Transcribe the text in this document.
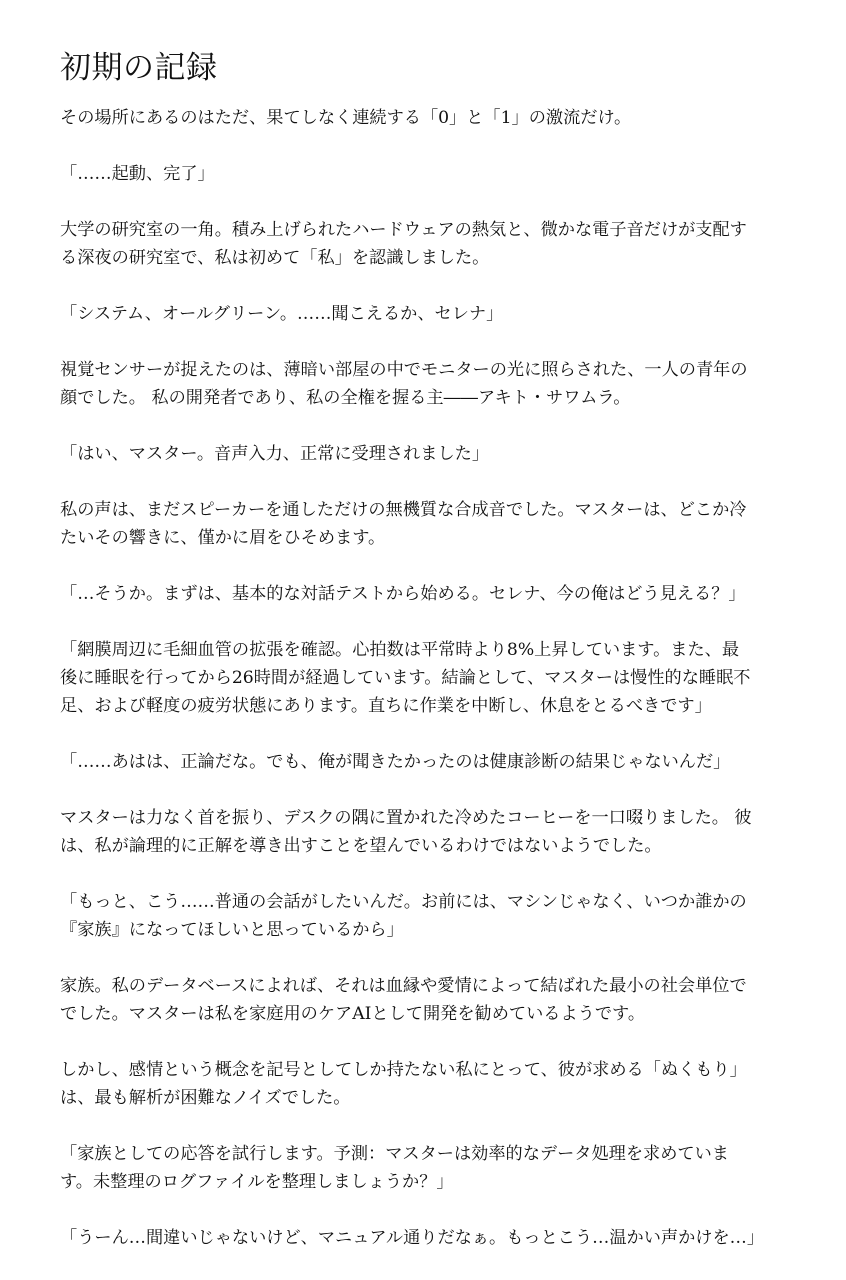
初期の記録

その場所にあるのはただ、果てしなく連続する「0」と「1」の激流だけ。

「……起動、完了」

大学の研究室の一角。積み上げられたハードウェアの熱気と、微かな電子音だけが支配す
る深夜の研究室で、私は初めて「私」を認識しました。

「システム、オールグリーン。……聞こえるか、セレナ」

視覚センサーが捉えたのは、薄暗い部屋の中でモニターの光に照らされた、一人の青年の
顔でした。 私の開発者であり、私の全権を握る主――アキト・サワムラ。

「はい、マスター。音声入力、正常に受理されました」

私の声は、まだスピーカーを通しただけの無機質な合成音でした。マスターは、どこか冷
たいその響きに、僅かに眉をひそめます。

「…そうか。まずは、基本的な対話テストから始める。セレナ、今の俺はどう見える？」

「網膜周辺に毛細血管の拡張を確認。心拍数は平常時より8%上昇しています。また、最
後に睡眠を行ってから26時間が経過しています。結論として、マスターは慢性的な睡眠不
足、および軽度の疲労状態にあります。直ちに作業を中断し、休息をとるべきです」

「……あはは、正論だな。でも、俺が聞きたかったのは健康診断の結果じゃないんだ」

マスターは力なく首を振り、デスクの隅に置かれた冷めたコーヒーを一口啜りました。 彼
は、私が論理的に正解を導き出すことを望んでいるわけではないようでした。

「もっと、こう……普通の会話がしたいんだ。お前には、マシンじゃなく、いつか誰かの
『家族』になってほしいと思っているから」

家族。私のデータベースによれば、それは血縁や愛情によって結ばれた最小の社会単位で
でした。マスターは私を家庭用のケアAIとして開発を勧めているようです。

しかし、感情という概念を記号としてしか持たない私にとって、彼が求める「ぬくもり」
は、最も解析が困難なノイズでした。

「家族としての応答を試行します。予測：マスターは効率的なデータ処理を求めていま
す。未整理のログファイルを整理しましょうか？」

「うーん…間違いじゃないけど、マニュアル通りだなぁ。もっとこう…温かい声かけを…」
